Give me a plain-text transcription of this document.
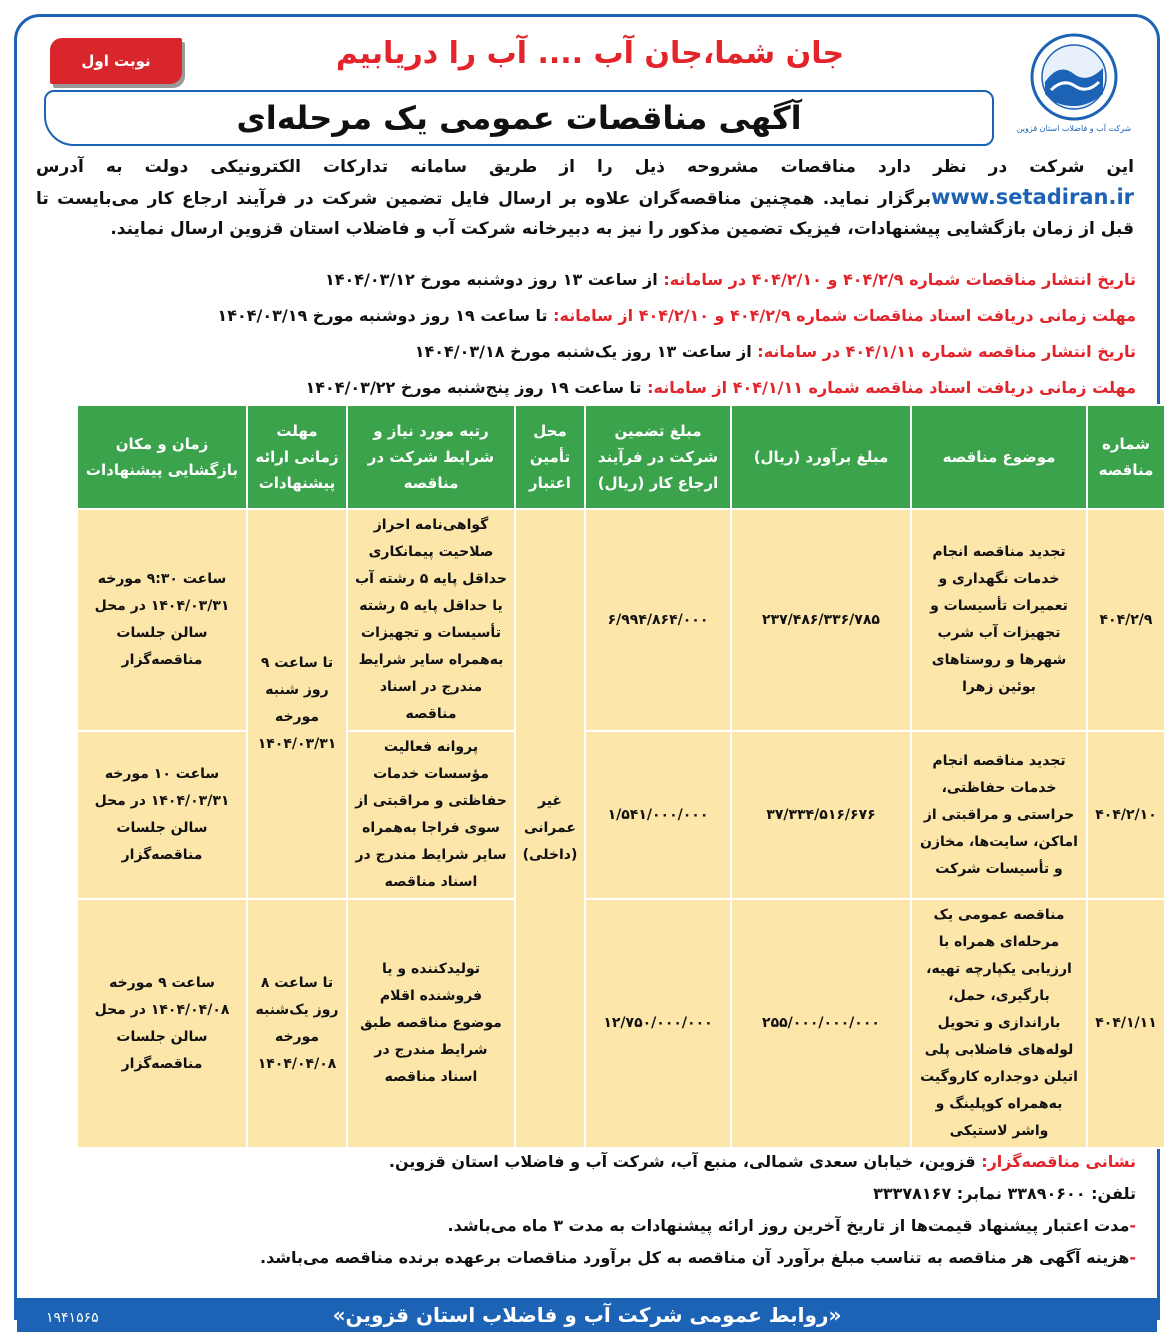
نوبت اول	جان شما،جان آب .... آب را دریابیم
شرکت آب و فاضلاب استان قزوین
آگهی مناقصات عمومی یک مرحله‌ای
این شرکت در نظر دارد مناقصات مشروحه ذیل را از طریق سامانه تدارکات الکترونیکی دولت به آدرس www.setadiran.irبرگزار نماید. همچنین مناقصه‌گران علاوه بر ارسال فایل تضمین شرکت در فرآیند ارجاع کار می‌بایست تا قبل از زمان بازگشایی پیشنهادات، فیزیک تضمین مذکور را نیز به دبیرخانه شرکت آب و فاضلاب استان قزوین ارسال نمایند.
تاریخ انتشار مناقصات شماره ۴۰۴/۲/۹ و ۴۰۴/۲/۱۰ در سامانه: از ساعت ۱۳ روز دوشنبه مورخ ۱۴۰۴/۰۳/۱۲
مهلت زمانی دریافت اسناد مناقصات شماره ۴۰۴/۲/۹ و ۴۰۴/۲/۱۰ از سامانه: تا ساعت ۱۹ روز دوشنبه مورخ ۱۴۰۴/۰۳/۱۹
تاریخ انتشار مناقصه شماره ۴۰۴/۱/۱۱ در سامانه: از ساعت ۱۳ روز یک‌شنبه مورخ ۱۴۰۴/۰۳/۱۸
مهلت زمانی دریافت اسناد مناقصه شماره ۴۰۴/۱/۱۱ از سامانه: تا ساعت ۱۹ روز پنج‌شنبه مورخ ۱۴۰۴/۰۳/۲۲
شماره مناقصه	موضوع مناقصه	مبلغ برآورد (ریال)	مبلغ تضمین شرکت در فرآیند ارجاع کار (ریال)	محل تأمین اعتبار	رتبه مورد نیاز و شرایط شرکت در مناقصه	مهلت زمانی ارائه پیشنهادات	زمان و مکان بازگشایی پیشنهادات
۴۰۴/۲/۹	تجدید مناقصه انجام خدمات نگهداری و تعمیرات تأسیسات و تجهیزات آب شرب شهرها و روستاهای بوئین زهرا	۲۳۷/۴۸۶/۳۳۶/۷۸۵	۶/۹۹۴/۸۶۴/۰۰۰	غیر عمرانی (داخلی)	گواهی‌نامه احراز صلاحیت پیمانکاری حداقل پایه ۵ رشته آب یا حداقل پایه ۵ رشته تأسیسات و تجهیزات به‌همراه سایر شرایط مندرج در اسناد مناقصه	تا ساعت ۹ روز شنبه مورخه ۱۴۰۴/۰۳/۳۱	ساعت ۹:۳۰ مورخه ۱۴۰۴/۰۳/۳۱ در محل سالن جلسات مناقصه‌گزار
۴۰۴/۲/۱۰	تجدید مناقصه انجام خدمات حفاظتی، حراستی و مراقبتی از اماکن، سایت‌ها، مخازن و تأسیسات شرکت	۳۷/۳۳۴/۵۱۶/۶۷۶	۱/۵۴۱/۰۰۰/۰۰۰		پروانه فعالیت مؤسسات خدمات حفاظتی و مراقبتی از سوی فراجا به‌همراه سایر شرایط مندرج در اسناد مناقصه		ساعت ۱۰ مورخه ۱۴۰۴/۰۳/۳۱ در محل سالن جلسات مناقصه‌گزار
۴۰۴/۱/۱۱	مناقصه عمومی یک مرحله‌ای همراه با ارزیابی یکپارچه تهیه، بارگیری، حمل، باراندازی و تحویل لوله‌های فاضلابی پلی اتیلن دوجداره کاروگیت به‌همراه کوپلینگ و واشر لاستیکی	۲۵۵/۰۰۰/۰۰۰/۰۰۰	۱۲/۷۵۰/۰۰۰/۰۰۰		تولیدکننده و یا فروشنده اقلام موضوع مناقصه طبق شرایط مندرج در اسناد مناقصه	تا ساعت ۸ روز یک‌شنبه مورخه ۱۴۰۴/۰۴/۰۸	ساعت ۹ مورخه ۱۴۰۴/۰۴/۰۸ در محل سالن جلسات مناقصه‌گزار
نشانی مناقصه‌گزار: قزوین، خیابان سعدی شمالی، منبع آب، شرکت آب و فاضلاب استان قزوین.
تلفن: ۳۳۸۹۰۶۰۰ نمابر: ۳۳۳۷۸۱۶۷
-مدت اعتبار پیشنهاد قیمت‌ها از تاریخ آخرین روز ارائه پیشنهادات به مدت ۳ ماه می‌باشد.
-هزینه آگهی هر مناقصه به تناسب مبلغ برآورد آن مناقصه به کل برآورد مناقصات برعهده برنده مناقصه می‌باشد.
«روابط عمومی شرکت آب و فاضلاب استان قزوین»
۱۹۴۱۵۶۵
